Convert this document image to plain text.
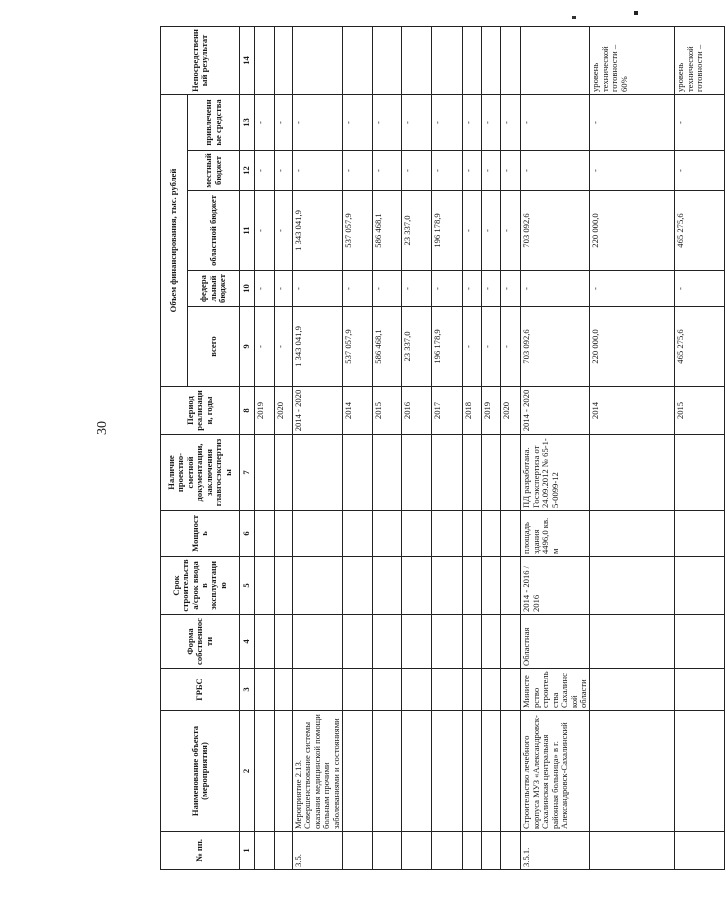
30
№ пп.	Наименование объекта (мероприятия)	ГРБС	Форма собственности	Срок строительства/срок ввода в эксплуатацию	Мощность	Наличие проектно-сметной документации, заключения главгосэкспертизы	Период реализации, годы	Объем финансирования, тыс. рублей					Непосредственный результат
								всего	федеральный бюджет	областной бюджет	местный бюджет	привлеченные средства	
1	2	3	4	5	6	7	8	9	10	11	12	13	14
							2019	-	-	-	-	-	
							2020	-	-	-	-	-	
3.5.	Мероприятие 2.13. Совершенствование системы оказания медицинской помощи больным прочими заболеваниями и состояниями						2014 - 2020	1 343 041,9	-	1 343 041,9	-	-	
							2014	537 057,9	-	537 057,9	-	-	
							2015	586 468,1	-	586 468,1	-	-	
							2016	23 337,0	-	23 337,0	-	-	
							2017	196 178,9	-	196 178,9	-	-	
							2018	-	-	-	-	-	
							2019	-	-	-	-	-	
							2020	-	-	-	-	-	
3.5.1.	Строительство лечебного корпуса МУЗ «Александровск-Сахалинская центральная районная больница» в г. Александровск-Сахалинский	Министерство строительства Сахалинской области	Областная	2014 - 2016 / 2016	площадь здания 4496,0 кв. м	ПД разработана. Госэкспертиза от 24.09.2012 № 65-1-5-0099-12	2014 - 2020	703 092,6	-	703 092,6	-	-	
							2014	220 000,0	-	220 000,0	-	-	уровень технической готовности – 60%
							2015	465 275,6	-	465 275,6	-	-	уровень технической готовности –
